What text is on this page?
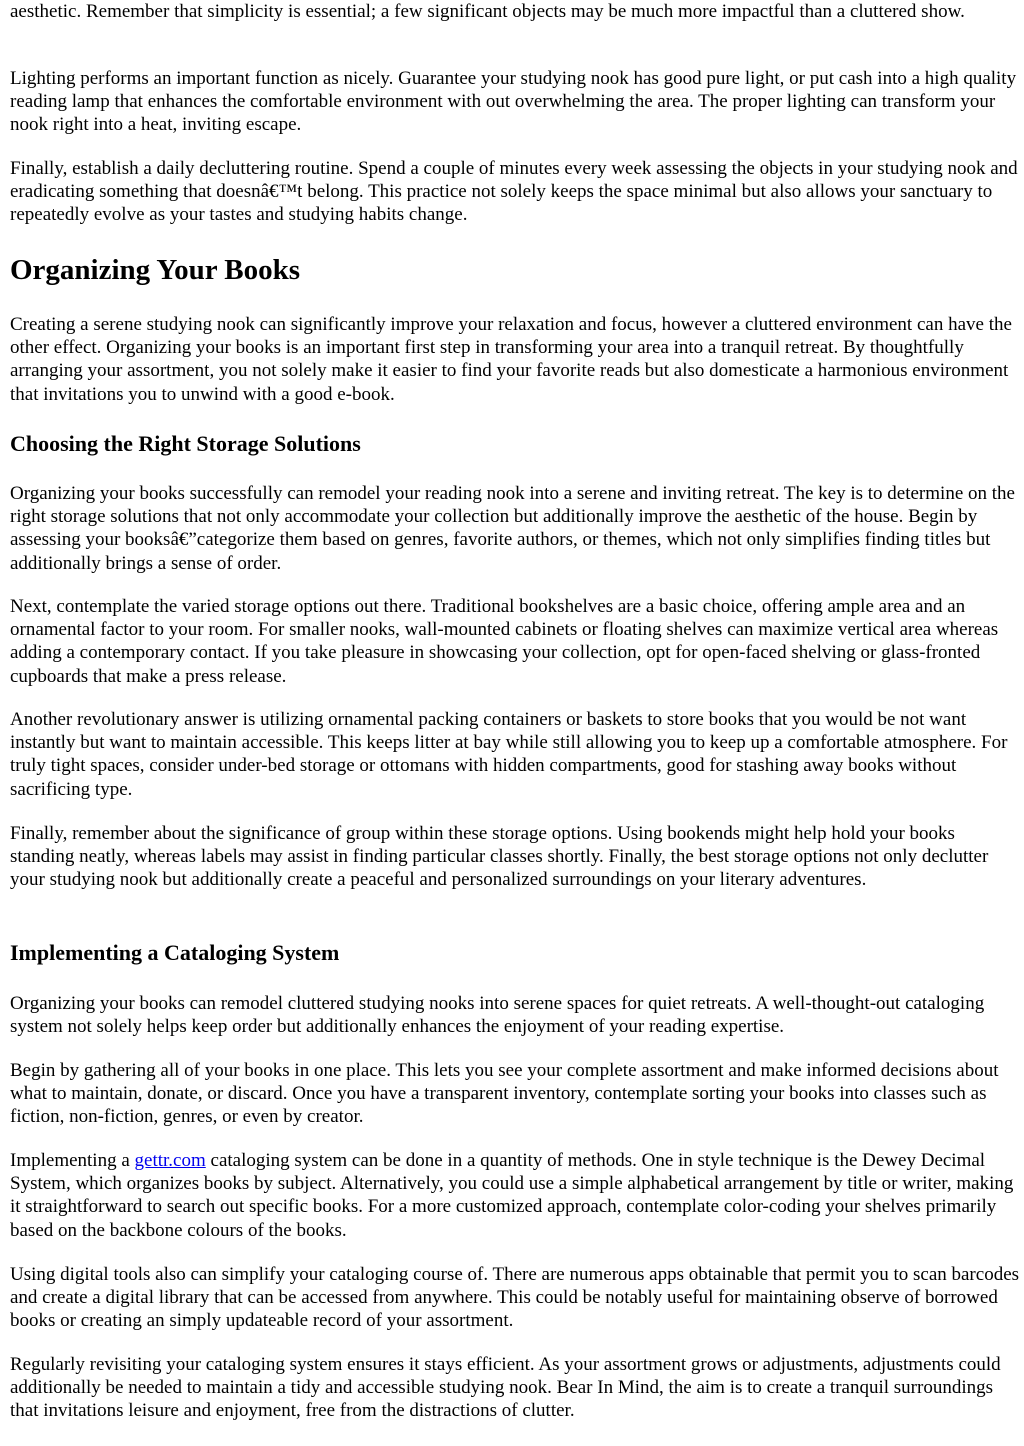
aesthetic. Remember that simplicity is essential; a few significant objects may be much more impactful than a cluttered show.

Lighting performs an important function as nicely. Guarantee your studying nook has good pure light, or put cash into a high quality reading lamp that enhances the comfortable environment with out overwhelming the area. The proper lighting can transform your nook right into a heat, inviting escape.

Finally, establish a daily decluttering routine. Spend a couple of minutes every week assessing the objects in your studying nook and eradicating something that doesnâ€™t belong. This practice not solely keeps the space minimal but also allows your sanctuary to repeatedly evolve as your tastes and studying habits change.

Organizing Your Books

Creating a serene studying nook can significantly improve your relaxation and focus, however a cluttered environment can have the other effect. Organizing your books is an important first step in transforming your area into a tranquil retreat. By thoughtfully arranging your assortment, you not solely make it easier to find your favorite reads but also domesticate a harmonious environment that invitations you to unwind with a good e-book.

Choosing the Right Storage Solutions

Organizing your books successfully can remodel your reading nook into a serene and inviting retreat. The key is to determine on the right storage solutions that not only accommodate your collection but additionally improve the aesthetic of the house. Begin by assessing your booksâ€”categorize them based on genres, favorite authors, or themes, which not only simplifies finding titles but additionally brings a sense of order.

Next, contemplate the varied storage options out there. Traditional bookshelves are a basic choice, offering ample area and an ornamental factor to your room. For smaller nooks, wall-mounted cabinets or floating shelves can maximize vertical area whereas adding a contemporary contact. If you take pleasure in showcasing your collection, opt for open-faced shelving or glass-fronted cupboards that make a press release.

Another revolutionary answer is utilizing ornamental packing containers or baskets to store books that you would be not want instantly but want to maintain accessible. This keeps litter at bay while still allowing you to keep up a comfortable atmosphere. For truly tight spaces, consider under-bed storage or ottomans with hidden compartments, good for stashing away books without sacrificing type.

Finally, remember about the significance of group within these storage options. Using bookends might help hold your books standing neatly, whereas labels may assist in finding particular classes shortly. Finally, the best storage options not only declutter your studying nook but additionally create a peaceful and personalized surroundings on your literary adventures.

Implementing a Cataloging System

Organizing your books can remodel cluttered studying nooks into serene spaces for quiet retreats. A well-thought-out cataloging system not solely helps keep order but additionally enhances the enjoyment of your reading expertise.

Begin by gathering all of your books in one place. This lets you see your complete assortment and make informed decisions about what to maintain, donate, or discard. Once you have a transparent inventory, contemplate sorting your books into classes such as fiction, non-fiction, genres, or even by creator.

Implementing a gettr.com cataloging system can be done in a quantity of methods. One in style technique is the Dewey Decimal System, which organizes books by subject. Alternatively, you could use a simple alphabetical arrangement by title or writer, making it straightforward to search out specific books. For a more customized approach, contemplate color-coding your shelves primarily based on the backbone colours of the books.

Using digital tools also can simplify your cataloging course of. There are numerous apps obtainable that permit you to scan barcodes and create a digital library that can be accessed from anywhere. This could be notably useful for maintaining observe of borrowed books or creating an simply updateable record of your assortment.

Regularly revisiting your cataloging system ensures it stays efficient. As your assortment grows or adjustments, adjustments could additionally be needed to maintain a tidy and accessible studying nook. Bear In Mind, the aim is to create a tranquil surroundings that invitations leisure and enjoyment, free from the distractions of clutter.
